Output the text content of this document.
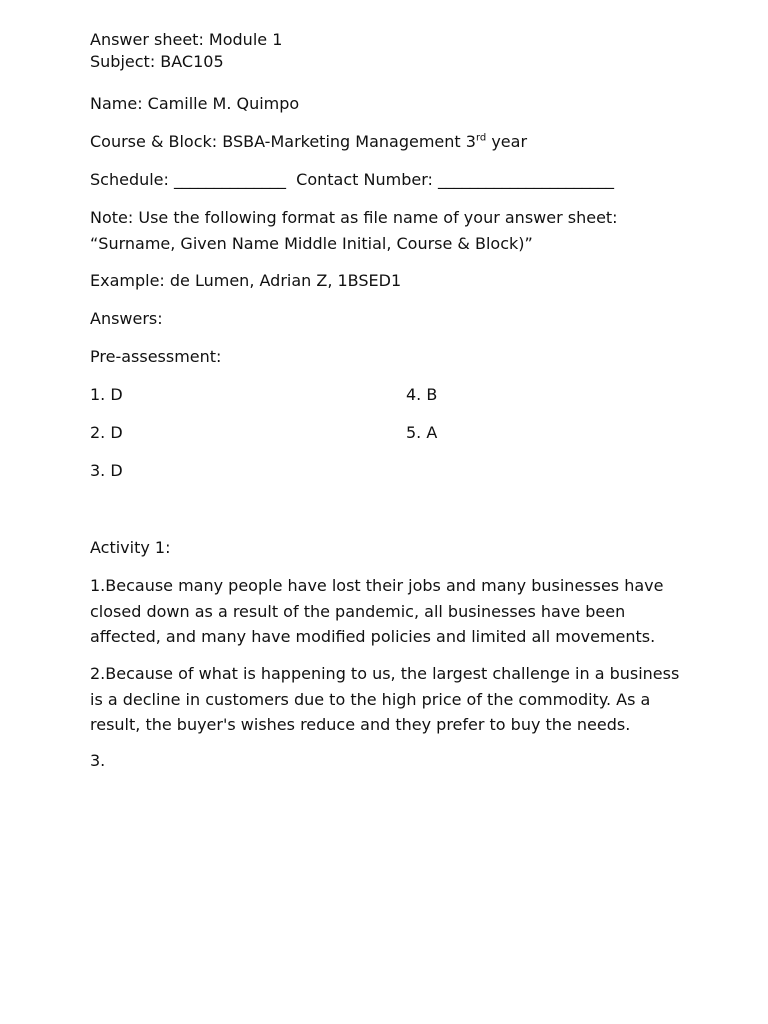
Answer sheet: Module 1
Subject: BAC105
Name: Camille M. Quimpo
Course & Block: BSBA-Marketing Management 3rd year
Schedule: ______________ Contact Number: ______________________
Note: Use the following format as file name of your answer sheet:
“Surname, Given Name Middle Initial, Course & Block)”
Example: de Lumen, Adrian Z, 1BSED1
Answers:
Pre-assessment:
1. D
2. D
3. D
4. B
5. A
Activity 1:
1.Because many people have lost their jobs and many businesses have closed down as a result of the pandemic, all businesses have been affected, and many have modified policies and limited all movements.
2.Because of what is happening to us, the largest challenge in a business is a decline in customers due to the high price of the commodity. As a result, the buyer's wishes reduce and they prefer to buy the needs.
3.
